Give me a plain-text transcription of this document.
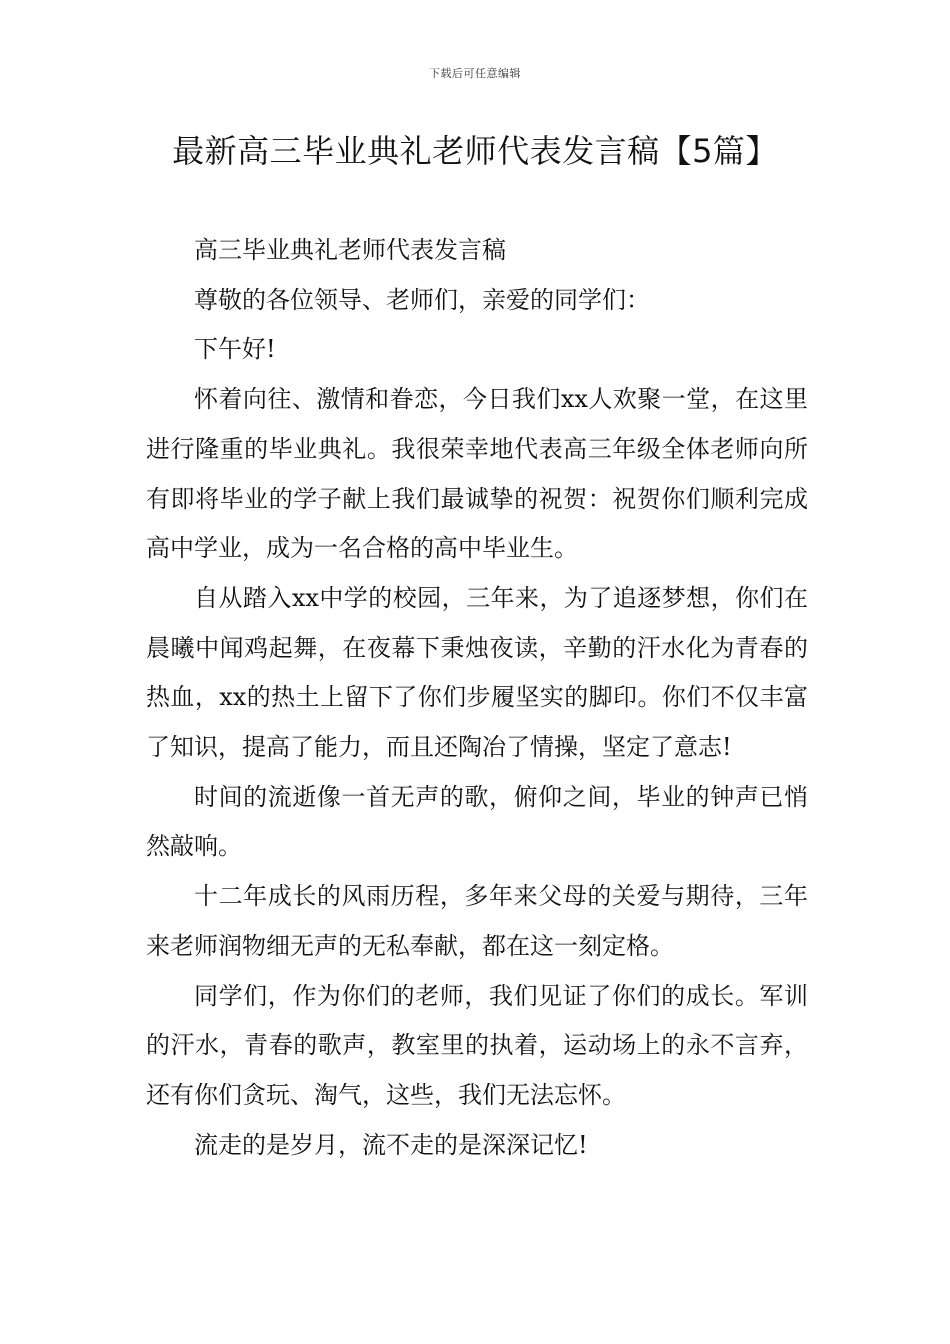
下载后可任意编辑
最新高三毕业典礼老师代表发言稿【5篇】

高三毕业典礼老师代表发言稿

尊敬的各位领导、老师们，亲爱的同学们：

下午好!

怀着向往、激情和眷恋，今日我们xx人欢聚一堂，在这里进行隆重的毕业典礼。我很荣幸地代表高三年级全体老师向所有即将毕业的学子献上我们最诚挚的祝贺：祝贺你们顺利完成高中学业，成为一名合格的高中毕业生。

自从踏入xx中学的校园，三年来，为了追逐梦想，你们在晨曦中闻鸡起舞，在夜幕下秉烛夜读，辛勤的汗水化为青春的热血，xx的热土上留下了你们步履坚实的脚印。你们不仅丰富了知识，提高了能力，而且还陶冶了情操，坚定了意志!

时间的流逝像一首无声的歌，俯仰之间，毕业的钟声已悄然敲响。

十二年成长的风雨历程，多年来父母的关爱与期待，三年来老师润物细无声的无私奉献，都在这一刻定格。

同学们，作为你们的老师，我们见证了你们的成长。军训的汗水，青春的歌声，教室里的执着，运动场上的永不言弃，还有你们贪玩、淘气，这些，我们无法忘怀。

流走的是岁月，流不走的是深深记忆!
